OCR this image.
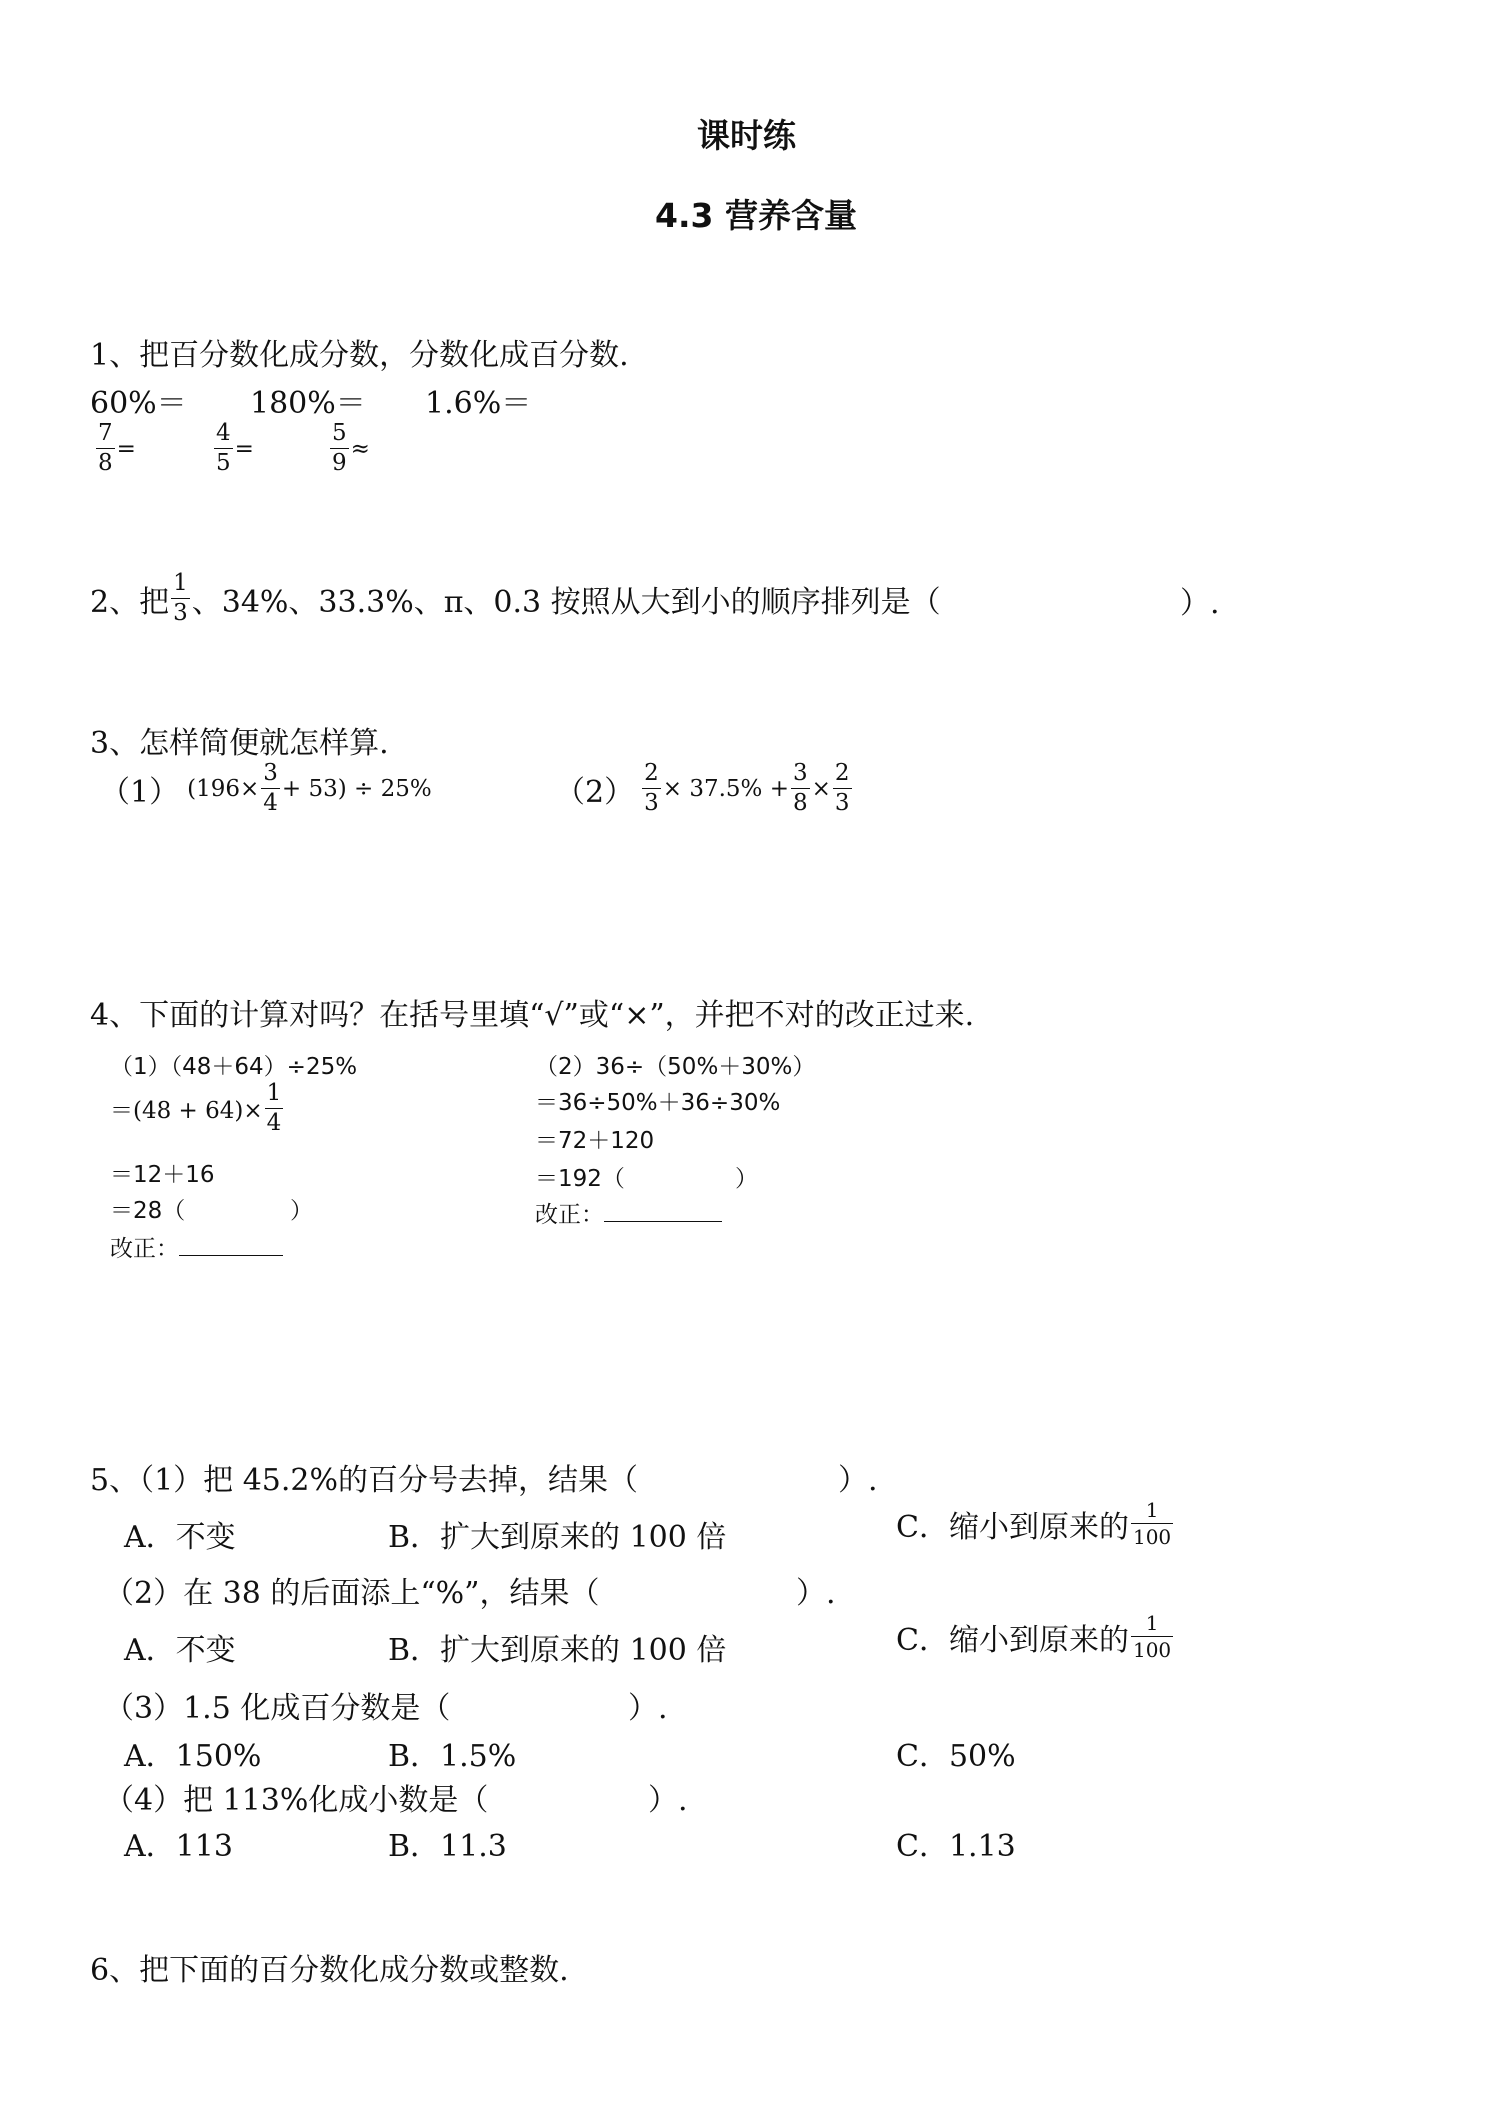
课时练
4.3 营养含量
1、把百分数化成分数，分数化成百分数.
60%＝ 180%＝ 1.6%＝
$\frac{7}{8}$ =	$\frac{4}{5}$ =	$\frac{5}{9}$ ≈
2、把 $\frac{1}{3}$ 、34%、33.3%、π、0.3 按照从大到小的顺序排列是（	）.
3、怎样简便就怎样算.
（1） $(196\times \frac{3}{4} + 53) \div 25\%$	$(2) \frac{2}{3} \times 37.5\% + \frac{3}{8} \times \frac{2}{3}$
4、下面的计算对吗？在括号里填“√”或“×”，并把不对的改正过来.
（1）（48＋64）÷25%
$=(48 + 64)\times \frac{1}{4}$
＝12＋16
＝28（	）
改正：
（2）36÷（50%＋30%）
＝36÷50%＋36÷30%
＝72＋120
＝192（	）
改正：
5、（1）把 45.2%的百分号去掉，结果（	）.
A．不变	B．扩大到原来的 100 倍	C．缩小到原来的 $\frac{1}{100}$
（2）在 38 的后面添上“%”，结果（	）.
A．不变	B．扩大到原来的 100 倍	C．缩小到原来的 $\frac{1}{100}$
（3）1.5 化成百分数是（	）.
A．150%	B．1.5%	C．50%
（4）把 113%化成小数是（	）.
A．113	B．11.3	C．1.13
6、把下面的百分数化成分数或整数.
